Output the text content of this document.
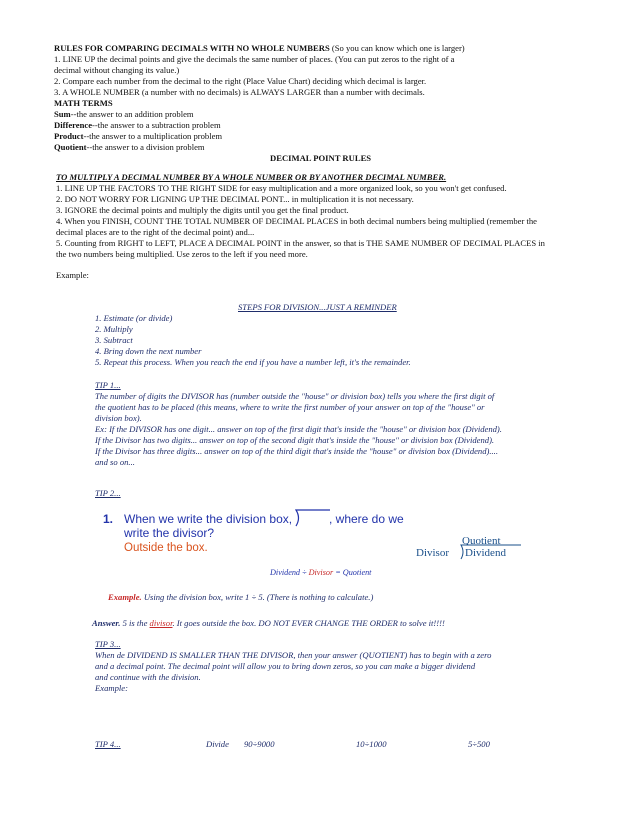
RULES FOR COMPARING DECIMALS WITH NO WHOLE NUMBERS (So you can know which one is larger)
1. LINE UP the decimal points and give the decimals the same number of places. (You can put zeros to the right of a
decimal without changing its value.)
2. Compare each number from the decimal to the right (Place Value Chart) deciding which decimal is larger.
3. A WHOLE NUMBER (a number with no decimals) is ALWAYS LARGER than a number with decimals.
MATH TERMS
Sum--the answer to an addition problem
Difference--the answer to a subtraction problem
Product--the answer to a multiplication problem
Quotient--the answer to a division problem
DECIMAL POINT RULES
TO MULTIPLY A DECIMAL NUMBER BY A WHOLE NUMBER OR BY ANOTHER DECIMAL NUMBER.
1. LINE UP THE FACTORS TO THE RIGHT SIDE for easy multiplication and a more organized look, so you won't get confused.
2. DO NOT WORRY FOR LIGNING UP THE DECIMAL PONT... in multiplication it is not necessary.
3. IGNORE the decimal points and multiply the digits until you get the final product.
4. When you FINISH, COUNT THE TOTAL NUMBER OF DECIMAL PLACES in both decimal numbers being multiplied (remember the
decimal places are to the right of the decimal point) and...
5. Counting from RIGHT to LEFT, PLACE A DECIMAL POINT in the answer, so that is THE SAME NUMBER OF DECIMAL PLACES in
the two numbers being multiplied. Use zeros to the left if you need more.
Example:
STEPS FOR DIVISION...JUST A REMINDER
1. Estimate (or divide)
2. Multiply
3. Subtract
4. Bring down the next number
5. Repeat this process. When you reach the end if you have a number left, it's the remainder.
TIP 1...
The number of digits the DIVISOR has (number outside the "house" or division box) tells you where the first digit of
the quotient has to be placed (this means, where to write the first number of your answer on top of the "house" or
division box).
Ex: If the DIVISOR has one digit... answer on top of the first digit that's inside the "house" or division box (Dividend).
If the Divisor has two digits... answer on top of the second digit that's inside the "house" or division box (Dividend).
If the Divisor has three digits... answer on top of the third digit that's inside the "house" or division box (Dividend)....
and so on...
TIP 2...
1. When we write the division box,	, where do we
write the divisor?
Outside the box.
Quotient
Divisor Dividend
Dividend ÷ Divisor = Quotient
Example. Using the division box, write 1 ÷ 5. (There is nothing to calculate.)
Answer. 5 is the divisor. It goes outside the box. DO NOT EVER CHANGE THE ORDER to solve it!!!!
TIP 3...
When de DIVIDEND IS SMALLER THAN THE DIVISOR, then your answer (QUOTIENT) has to begin with a zero
and a decimal point. The decimal point will allow you to bring down zeros, so you can make a bigger dividend
and continue with the division.
Example:
TIP 4...	Divide 90÷9000	10÷1000	5÷500
